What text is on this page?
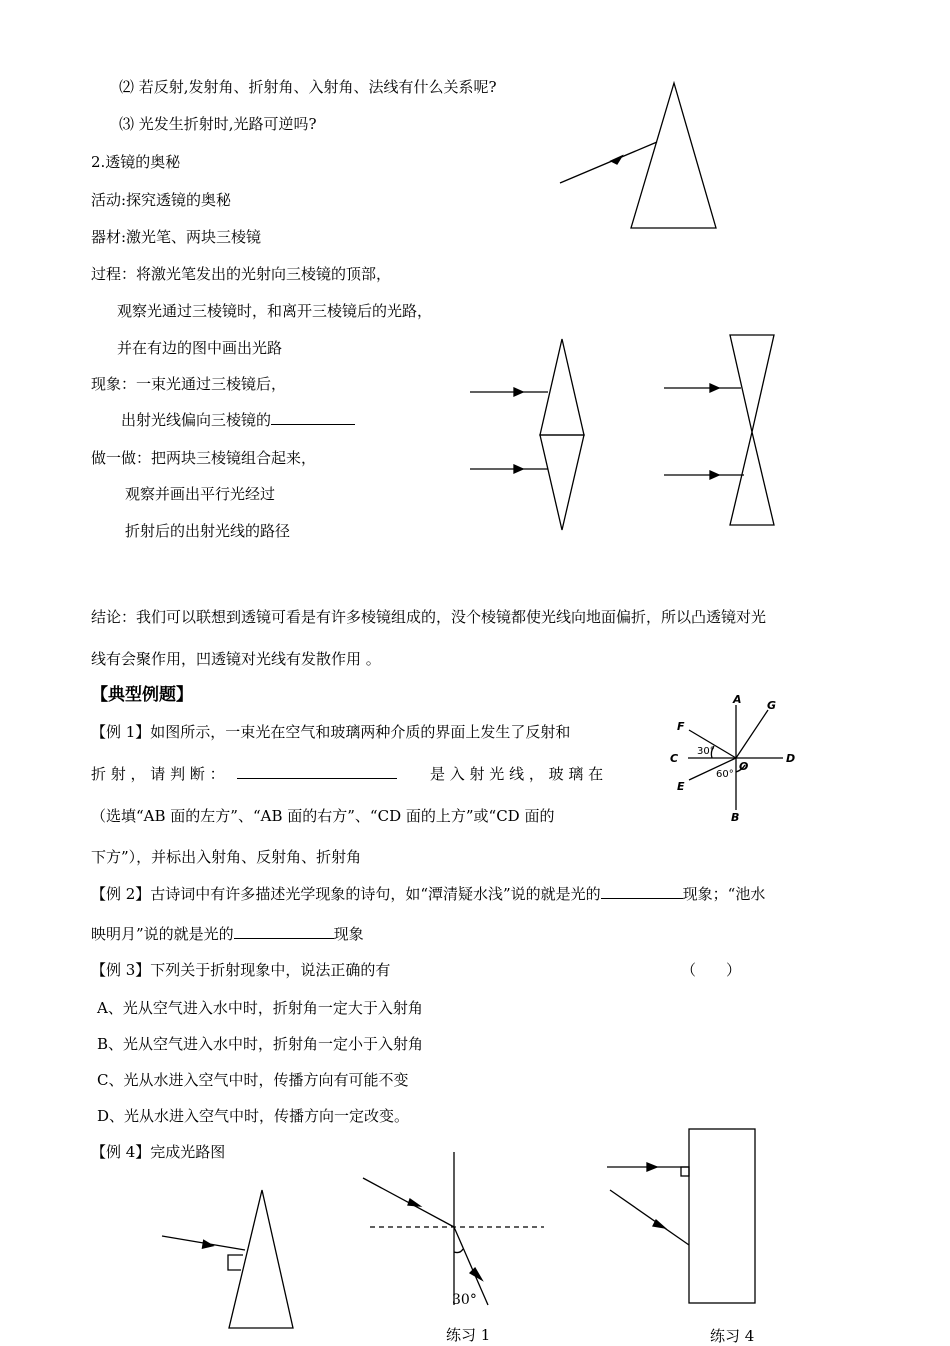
⑵ 若反射,发射角、折射角、入射角、法线有什么关系呢?
⑶ 光发生折射时,光路可逆吗?
2.透镜的奥秘
活动:探究透镜的奥秘
器材:激光笔、两块三棱镜
过程：将激光笔发出的光射向三棱镜的顶部，
观察光通过三棱镜时，和离开三棱镜后的光路，
并在有边的图中画出光路
现象：一束光通过三棱镜后，
出射光线偏向三棱镜的
做一做：把两块三棱镜组合起来，
观察并画出平行光经过
折射后的出射光线的路径
结论：我们可以联想到透镜可看是有许多棱镜组成的，没个棱镜都使光线向地面偏折，所以凸透镜对光
线有会聚作用，凹透镜对光线有发散作用 。
【典型例题】
【例 1】如图所示，一束光在空气和玻璃两种介质的界面上发生了反射和
折 射 ， 请 判 断 ：	是 入 射 光 线 ， 玻 璃 在
（选填“AB 面的左方”、“AB 面的右方”、“CD 面的上方”或“CD 面的
下方”），并标出入射角、反射角、折射角
【例 2】古诗词中有许多描述光学现象的诗句，如“潭清疑水浅”说的就是光的	现象；“池水
映明月”说的就是光的	现象
【例 3】下列关于折射现象中，说法正确的有	（　　）
A、光从空气进入水中时，折射角一定大于入射角
B、光从空气进入水中时，折射角一定小于入射角
C、光从水进入空气中时，传播方向有可能不变
D、光从水进入空气中时，传播方向一定改变。
【例 4】完成光路图
练习 1	练习 4
A G
F
C	D
E
O
B
30°
60°
30°
